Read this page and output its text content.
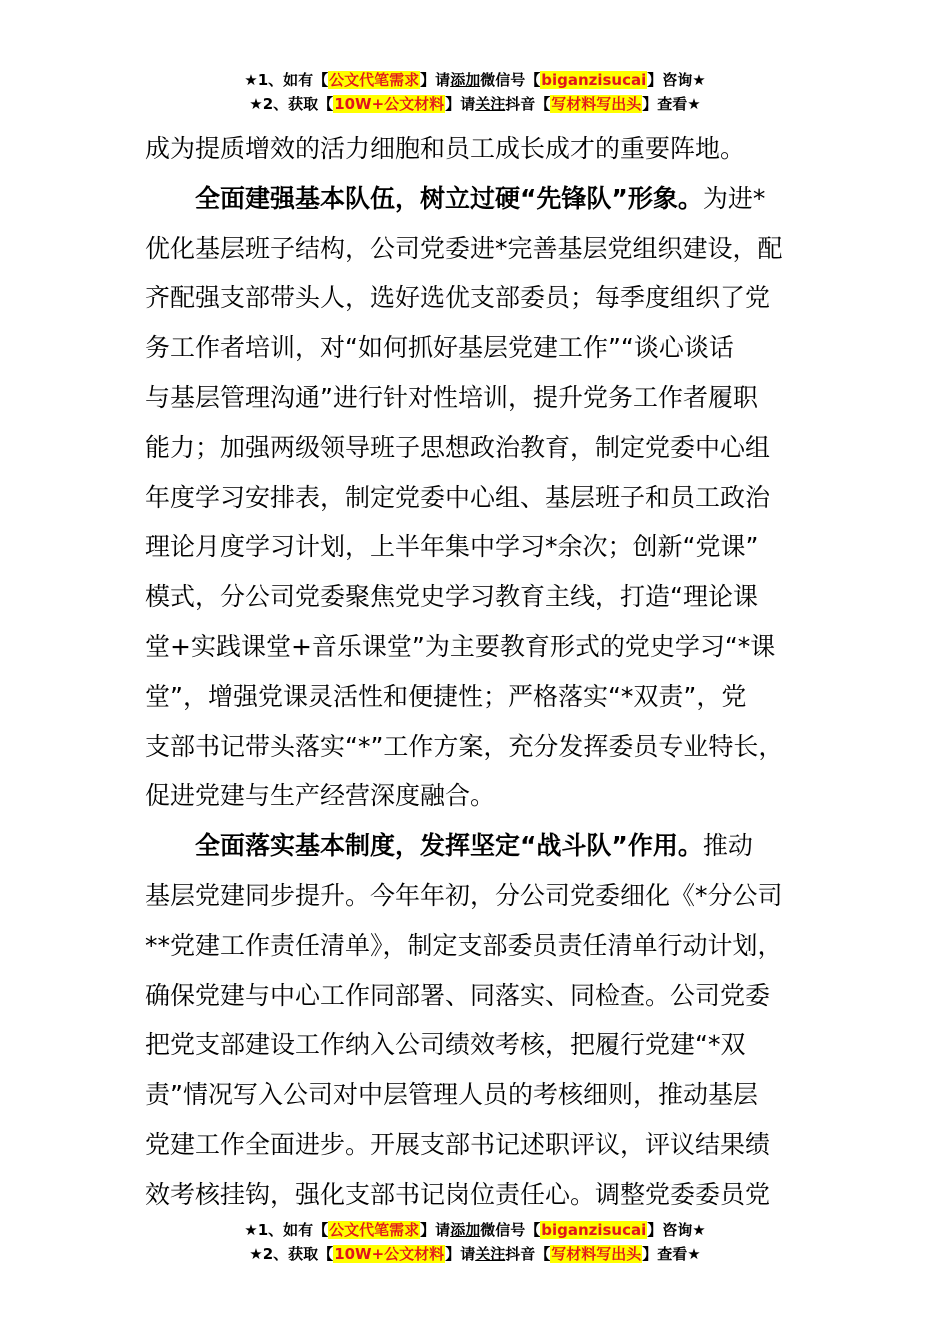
★1、如有【公文代笔需求】请添加微信号【biganzisucai】咨询★
★2、获取【10W+公文材料】请关注抖音【写材料写出头】查看★
成为提质增效的活力细胞和员工成长成才的重要阵地。
全面建强基本队伍，树立过硬“先锋队”形象。为进*
优化基层班子结构，公司党委进*完善基层党组织建设，配
齐配强支部带头人，选好选优支部委员；每季度组织了党
务工作者培训，对“如何抓好基层党建工作”“谈心谈话
与基层管理沟通”进行针对性培训，提升党务工作者履职
能力；加强两级领导班子思想政治教育，制定党委中心组
年度学习安排表，制定党委中心组、基层班子和员工政治
理论月度学习计划，上半年集中学习*余次；创新“党课”
模式，分公司党委聚焦党史学习教育主线，打造“理论课
堂+实践课堂+音乐课堂”为主要教育形式的党史学习“*课
堂”，增强党课灵活性和便捷性；严格落实“*双责”，党
支部书记带头落实“*”工作方案，充分发挥委员专业特长，
促进党建与生产经营深度融合。
全面落实基本制度，发挥坚定“战斗队”作用。推动
基层党建同步提升。今年年初，分公司党委细化《*分公司
**党建工作责任清单》，制定支部委员责任清单行动计划，
确保党建与中心工作同部署、同落实、同检查。公司党委
把党支部建设工作纳入公司绩效考核，把履行党建“*双
责”情况写入公司对中层管理人员的考核细则，推动基层
党建工作全面进步。开展支部书记述职评议，评议结果绩
效考核挂钩，强化支部书记岗位责任心。调整党委委员党
★1、如有【公文代笔需求】请添加微信号【biganzisucai】咨询★
★2、获取【10W+公文材料】请关注抖音【写材料写出头】查看★
